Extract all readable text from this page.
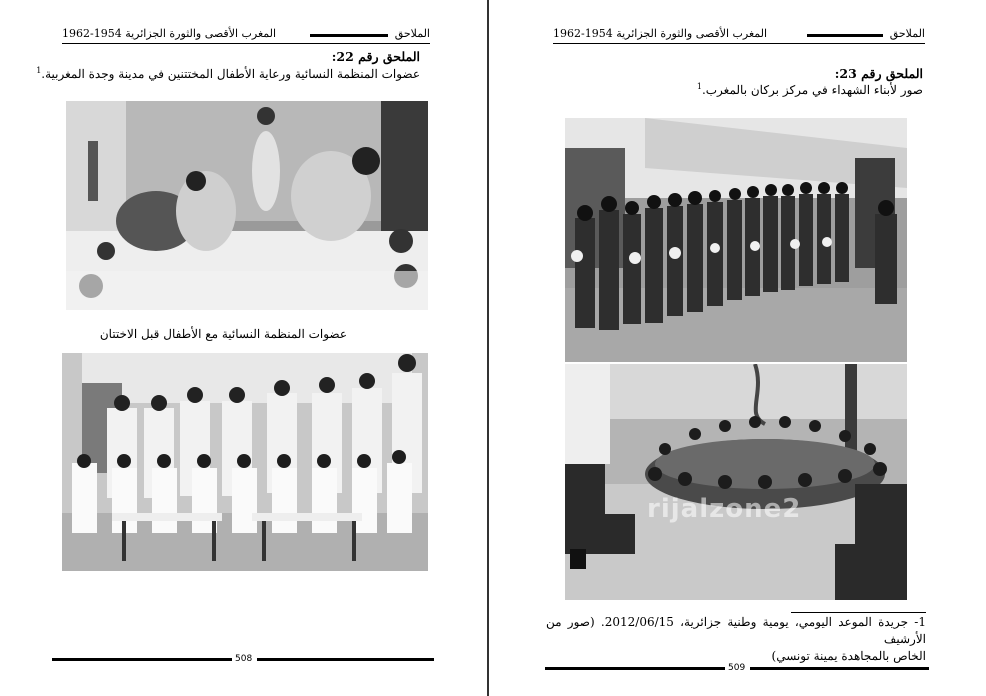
المغرب الأقصى والثورة الجزائرية 1954-1962	الملاحق
الملحق رقم 22:
عضوات المنظمة النسائية ورعاية الأطفال المختتنين في مدينة وجدة المغربية.$^1$
عضوات المنظمة النسائية مع الأطفال قبل الاختتان
508
المغرب الأقصى والثورة الجزائرية 1954-1962	الملاحق
الملحق رقم 23:
صور لأبناء الشهداء في مركز بركان بالمغرب.$^1$
rijalzone2
1- جريدة الموعد اليومي، يومية وطنية جزائرية، 2012/06/15. (صور من الأرشيف
الخاص بالمجاهدة يمينة تونسي)
509
